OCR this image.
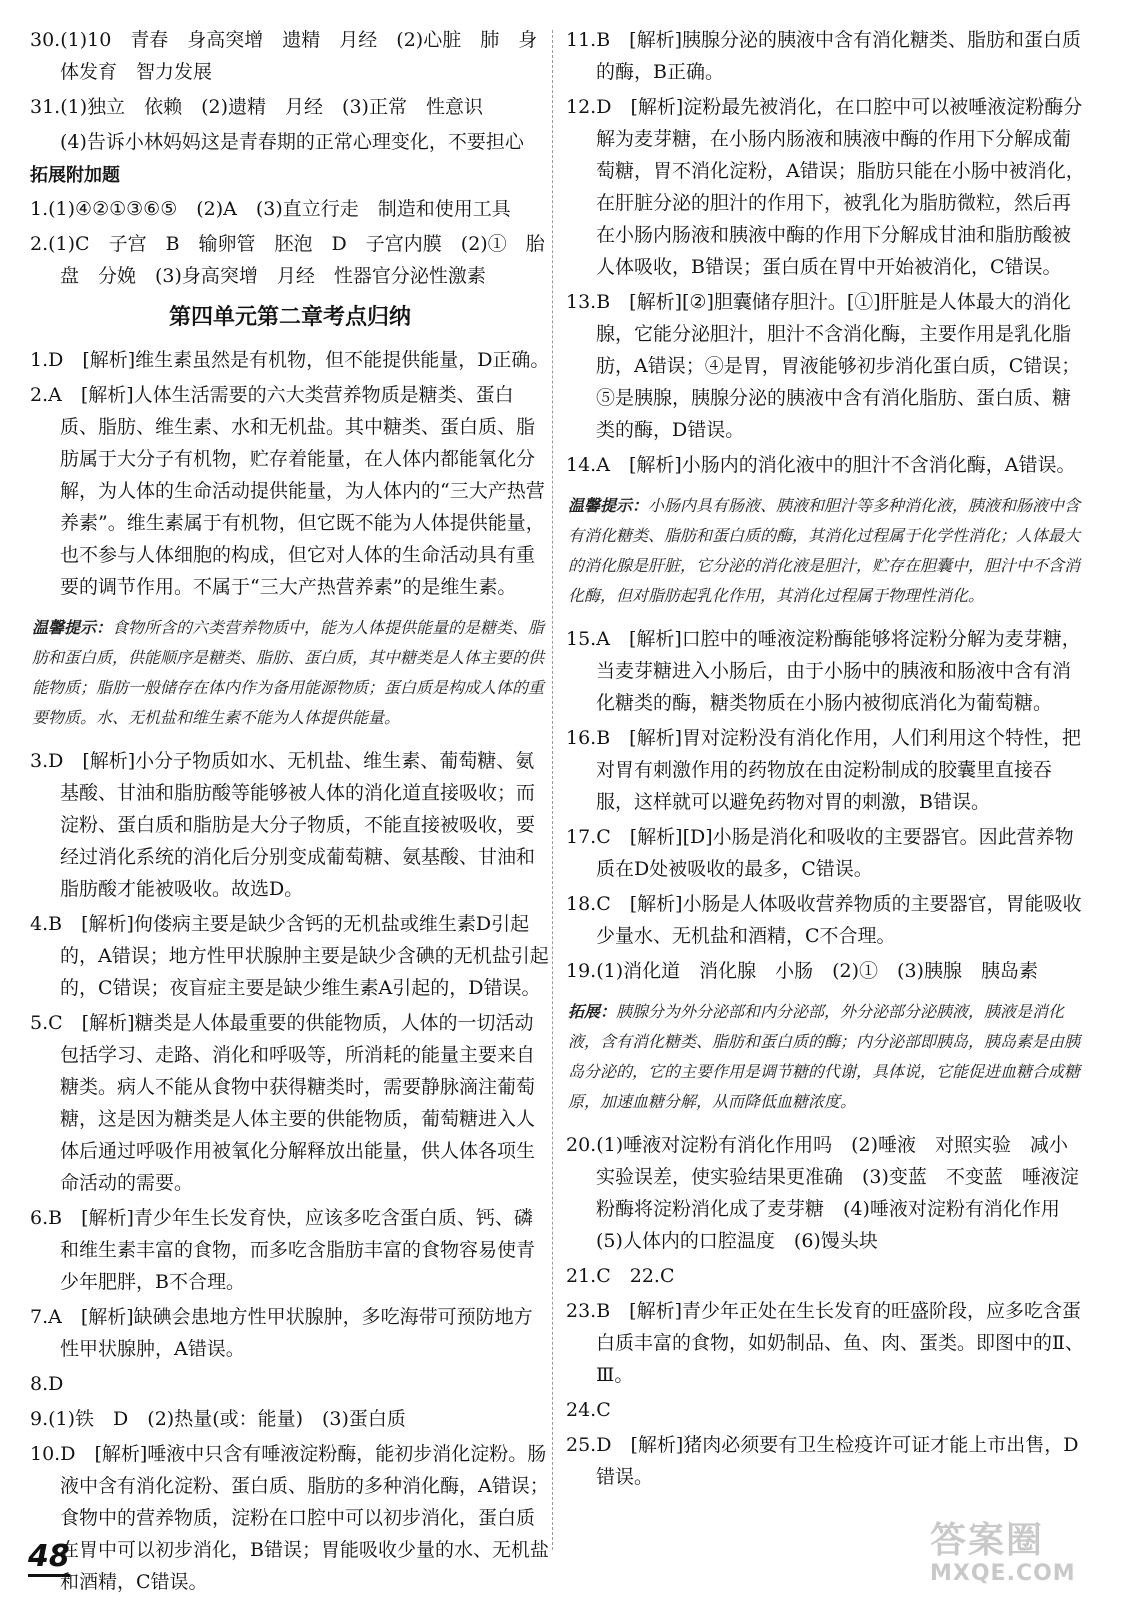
30.(1)10　青春　身高突增　遗精　月经　(2)心脏　肺　身体发育　智力发展
31.(1)独立　依赖　(2)遗精　月经　(3)正常　性意识
(4)告诉小林妈妈这是青春期的正常心理变化，不要担心
拓展附加题
1.(1)④②①③⑥⑤　(2)A　(3)直立行走　制造和使用工具
2.(1)C　子宫　B　输卵管　胚泡　D　子宫内膜　(2)①　胎盘　分娩　(3)身高突增　月经　性器官分泌性激素
第四单元第二章考点归纳
1.D　[解析]维生素虽然是有机物，但不能提供能量，D正确。
2.A　[解析]人体生活需要的六大类营养物质是糖类、蛋白质、脂肪、维生素、水和无机盐。其中糖类、蛋白质、脂肪属于大分子有机物，贮存着能量，在人体内都能氧化分解，为人体的生命活动提供能量，为人体内的“三大产热营养素”。维生素属于有机物，但它既不能为人体提供能量，也不参与人体细胞的构成，但它对人体的生命活动具有重要的调节作用。不属于“三大产热营养素”的是维生素。
温馨提示：食物所含的六类营养物质中，能为人体提供能量的是糖类、脂肪和蛋白质，供能顺序是糖类、脂肪、蛋白质，其中糖类是人体主要的供能物质；脂肪一般储存在体内作为备用能源物质；蛋白质是构成人体的重要物质。水、无机盐和维生素不能为人体提供能量。
3.D　[解析]小分子物质如水、无机盐、维生素、葡萄糖、氨基酸、甘油和脂肪酸等能够被人体的消化道直接吸收；而淀粉、蛋白质和脂肪是大分子物质，不能直接被吸收，要经过消化系统的消化后分别变成葡萄糖、氨基酸、甘油和脂肪酸才能被吸收。故选D。
4.B　[解析]佝偻病主要是缺少含钙的无机盐或维生素D引起的，A错误；地方性甲状腺肿主要是缺少含碘的无机盐引起的，C错误；夜盲症主要是缺少维生素A引起的，D错误。
5.C　[解析]糖类是人体最重要的供能物质，人体的一切活动包括学习、走路、消化和呼吸等，所消耗的能量主要来自糖类。病人不能从食物中获得糖类时，需要静脉滴注葡萄糖，这是因为糖类是人体主要的供能物质，葡萄糖进入人体后通过呼吸作用被氧化分解释放出能量，供人体各项生命活动的需要。
6.B　[解析]青少年生长发育快，应该多吃含蛋白质、钙、磷和维生素丰富的食物，而多吃含脂肪丰富的食物容易使青少年肥胖，B不合理。
7.A　[解析]缺碘会患地方性甲状腺肿，多吃海带可预防地方性甲状腺肿，A错误。
8.D
9.(1)铁　D　(2)热量(或：能量)　(3)蛋白质
10.D　[解析]唾液中只含有唾液淀粉酶，能初步消化淀粉。肠液中含有消化淀粉、蛋白质、脂肪的多种消化酶，A错误；食物中的营养物质，淀粉在口腔中可以初步消化，蛋白质在胃中可以初步消化，B错误；胃能吸收少量的水、无机盐和酒精，C错误。
11.B　[解析]胰腺分泌的胰液中含有消化糖类、脂肪和蛋白质的酶，B正确。
12.D　[解析]淀粉最先被消化，在口腔中可以被唾液淀粉酶分解为麦芽糖，在小肠内肠液和胰液中酶的作用下分解成葡萄糖，胃不消化淀粉，A错误；脂肪只能在小肠中被消化，在肝脏分泌的胆汁的作用下，被乳化为脂肪微粒，然后再在小肠内肠液和胰液中酶的作用下分解成甘油和脂肪酸被人体吸收，B错误；蛋白质在胃中开始被消化，C错误。
13.B　[解析][②]胆囊储存胆汁。[①]肝脏是人体最大的消化腺，它能分泌胆汁，胆汁不含消化酶，主要作用是乳化脂肪，A错误；④是胃，胃液能够初步消化蛋白质，C错误；⑤是胰腺，胰腺分泌的胰液中含有消化脂肪、蛋白质、糖类的酶，D错误。
14.A　[解析]小肠内的消化液中的胆汁不含消化酶，A错误。
温馨提示：小肠内具有肠液、胰液和胆汁等多种消化液，胰液和肠液中含有消化糖类、脂肪和蛋白质的酶，其消化过程属于化学性消化；人体最大的消化腺是肝脏，它分泌的消化液是胆汁，贮存在胆囊中，胆汁中不含消化酶，但对脂肪起乳化作用，其消化过程属于物理性消化。
15.A　[解析]口腔中的唾液淀粉酶能够将淀粉分解为麦芽糖，当麦芽糖进入小肠后，由于小肠中的胰液和肠液中含有消化糖类的酶，糖类物质在小肠内被彻底消化为葡萄糖。
16.B　[解析]胃对淀粉没有消化作用，人们利用这个特性，把对胃有刺激作用的药物放在由淀粉制成的胶囊里直接吞服，这样就可以避免药物对胃的刺激，B错误。
17.C　[解析][D]小肠是消化和吸收的主要器官。因此营养物质在D处被吸收的最多，C错误。
18.C　[解析]小肠是人体吸收营养物质的主要器官，胃能吸收少量水、无机盐和酒精，C不合理。
19.(1)消化道　消化腺　小肠　(2)①　(3)胰腺　胰岛素
拓展：胰腺分为外分泌部和内分泌部，外分泌部分泌胰液，胰液是消化液，含有消化糖类、脂肪和蛋白质的酶；内分泌部即胰岛，胰岛素是由胰岛分泌的，它的主要作用是调节糖的代谢，具体说，它能促进血糖合成糖原，加速血糖分解，从而降低血糖浓度。
20.(1)唾液对淀粉有消化作用吗　(2)唾液　对照实验　减小实验误差，使实验结果更准确　(3)变蓝　不变蓝　唾液淀粉酶将淀粉消化成了麦芽糖　(4)唾液对淀粉有消化作用　(5)人体内的口腔温度　(6)馒头块
21.C　22.C
23.B　[解析]青少年正处在生长发育的旺盛阶段，应多吃含蛋白质丰富的食物，如奶制品、鱼、肉、蛋类。即图中的Ⅱ、Ⅲ。
24.C
25.D　[解析]猪肉必须要有卫生检疫许可证才能上市出售，D错误。
48	答案圈
MXQE.COM
